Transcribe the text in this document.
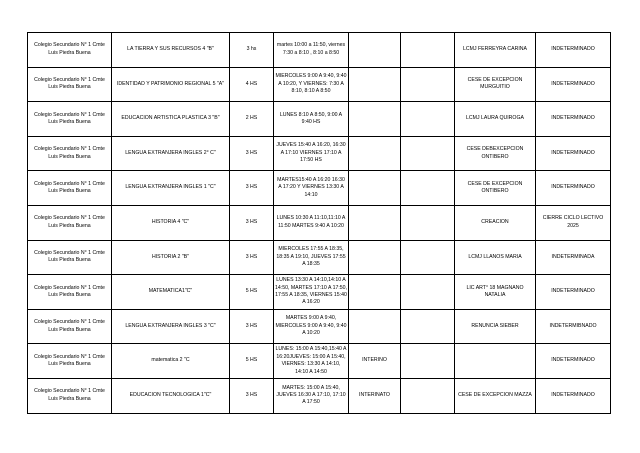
Colegio Secundario N° 1 Cmte Luis Piedra Buena	LA TIERRA Y SUS RECURSOS 4 "B"	3 hs	martes 10:00 a 11:50, viernes 7:30 a 8:10 , 8:10 a 8:50			LCMJ FERREYRA CARINA	INDETERMINADO
Colegio Secundario N° 1 Cmte Luis Piedra Buena	IDENTIDAD Y PATRIMONIO REGIONAL 5 "A"	4 HS	MIERCOLES 9:00 A 9:40, 9:40 A 10:20, Y VIERNES: 7:30 A 8:10, 8:10 A 8:50			CESE DE EXCEPCION MURGUITIO	INDETERMINADO
Colegio Secundario N° 1 Cmte Luis Piedra Buena	EDUCACION ARTISTICA PLASTICA 3 "B"	2 HS	LUNES 8:10 A 8:50, 9:00 A 9:40 HS			LCMJ LAURA QUIROGA	INDETERMINADO
Colegio Secundario N° 1 Cmte Luis Piedra Buena	LENGUA EXTRANJERA INGLES 2° C"	3 HS	JUEVES 15:40 A 16:20, 16:30 A 17:10 VIERNES 17:10 A 17:50 HS			CESE DEBEXCEPCION ONTIBERO	INDETERMINADO
Colegio Secundario N° 1 Cmte Luis Piedra Buena	LENGUA EXTRANJERA INGLES 1 "C"	3 HS	MARTES15:40 A 16:20 16:30 A 17:20 Y VIERNES 13:30 A 14:10			CESE DE EXCEPCION ONTIBERO	INDETERMINADO
Colegio Secundario N° 1 Cmte Luis Piedra Buena	HISTORIA 4 "C"	3 HS	LUNES 10:30 A 11:10,11:10 A 11:50 MARTES 9:40 A 10:20			CREACION	CIERRE CICLO LECTIVO 2025
Colegio Secundario N° 1 Cmte Luis Piedra Buena	HISTORIA 2 "B"	3 HS	MIERCOLES 17:55 A 18:35, 18:35 A 19:10, JUEVES 17:55 A 18:35			LCMJ LLANOS MARIA	INDETERMINADA
Colegio Secundario N° 1 Cmte Luis Piedra Buena	MATEMATICA1"C"	5 HS	LUNES 13:30 A 14:10,14:10 A 14:50, MARTES 17:10 A 17:50, 17:55 A 18:35, VIERNES 15:40 A 16:20			LIC ART° 18 MAGNANO NATALIA	INDETERMINADO
Colegio Secundario N° 1 Cmte Luis Piedra Buena	LENGUA EXTRANJERA INGLES 3 "C"	3 HS	MARTES 9:00 A 9:40, MIERCOLES 9:00 A 9:40, 9:40 A 10:20			RENUNCIA SIEBER	INDETERMIBNADO
Colegio Secundario N° 1 Cmte Luis Piedra Buena	matematica 2 "C	5 HS	LUNES: 15:00 A 15:40,15:40 A 16:20JUEVES: 15:00 A 15:40, VIERNES: 13:30 A 14:10, 14:10 A 14:50	INTERINO			INDETERMINADO
Colegio Secundario N° 1 Cmte Luis Piedra Buena	EDUCACION TECNOLOGICA 1"C"	3 HS	MARTES: 15:00 A 15:40, JUEVES 16:30 A 17:10, 17:10 A 17:50	INTERINATO		CESE DE EXCEPCION MAZZA	INDETERMINADO
